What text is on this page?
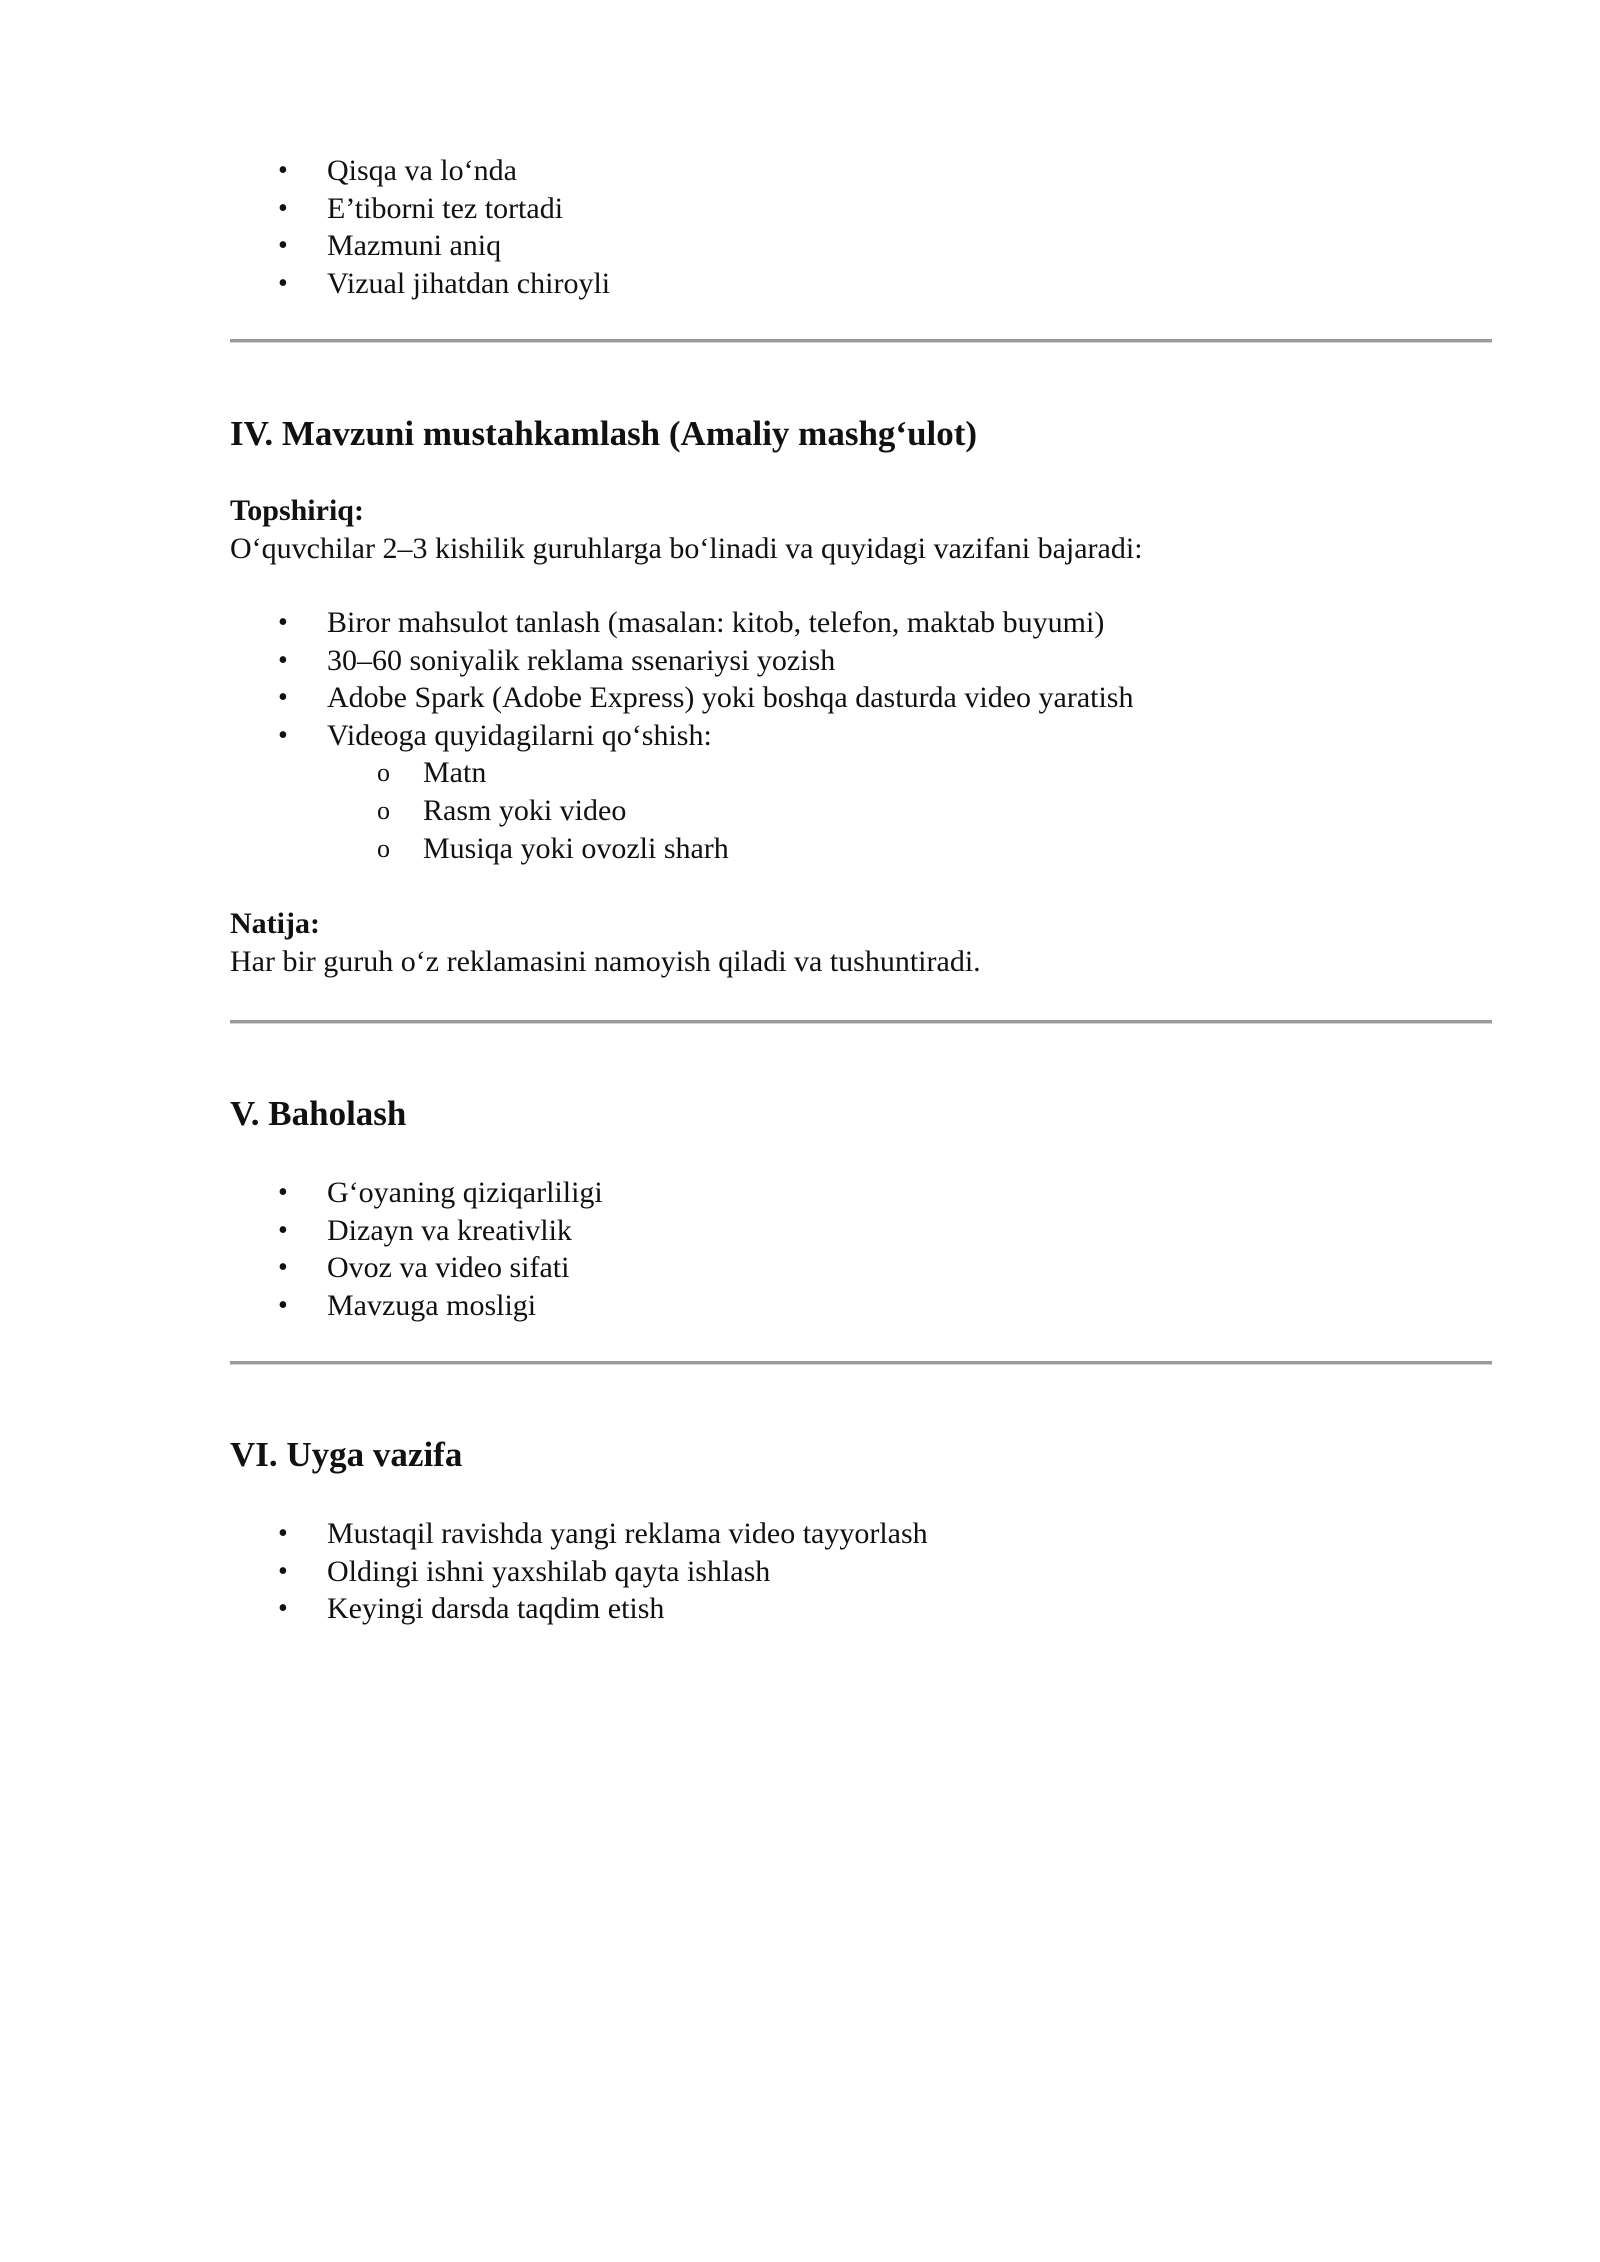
• Qisqa va lo‘nda
• E’tiborni tez tortadi
• Mazmuni aniq
• Vizual jihatdan chiroyli
IV. Mavzuni mustahkamlash (Amaliy mashg‘ulot)
Topshiriq:
O‘quvchilar 2–3 kishilik guruhlarga bo‘linadi va quyidagi vazifani bajaradi:
• Biror mahsulot tanlash (masalan: kitob, telefon, maktab buyumi)
• 30–60 soniyalik reklama ssenariysi yozish
• Adobe Spark (Adobe Express) yoki boshqa dasturda video yaratish
• Videoga quyidagilarni qo‘shish:
o Matn
o Rasm yoki video
o Musiqa yoki ovozli sharh
Natija:
Har bir guruh o‘z reklamasini namoyish qiladi va tushuntiradi.
V. Baholash
• G‘oyaning qiziqarliligi
• Dizayn va kreativlik
• Ovoz va video sifati
• Mavzuga mosligi
VI. Uyga vazifa
• Mustaqil ravishda yangi reklama video tayyorlash
• Oldingi ishni yaxshilab qayta ishlash
• Keyingi darsda taqdim etish
